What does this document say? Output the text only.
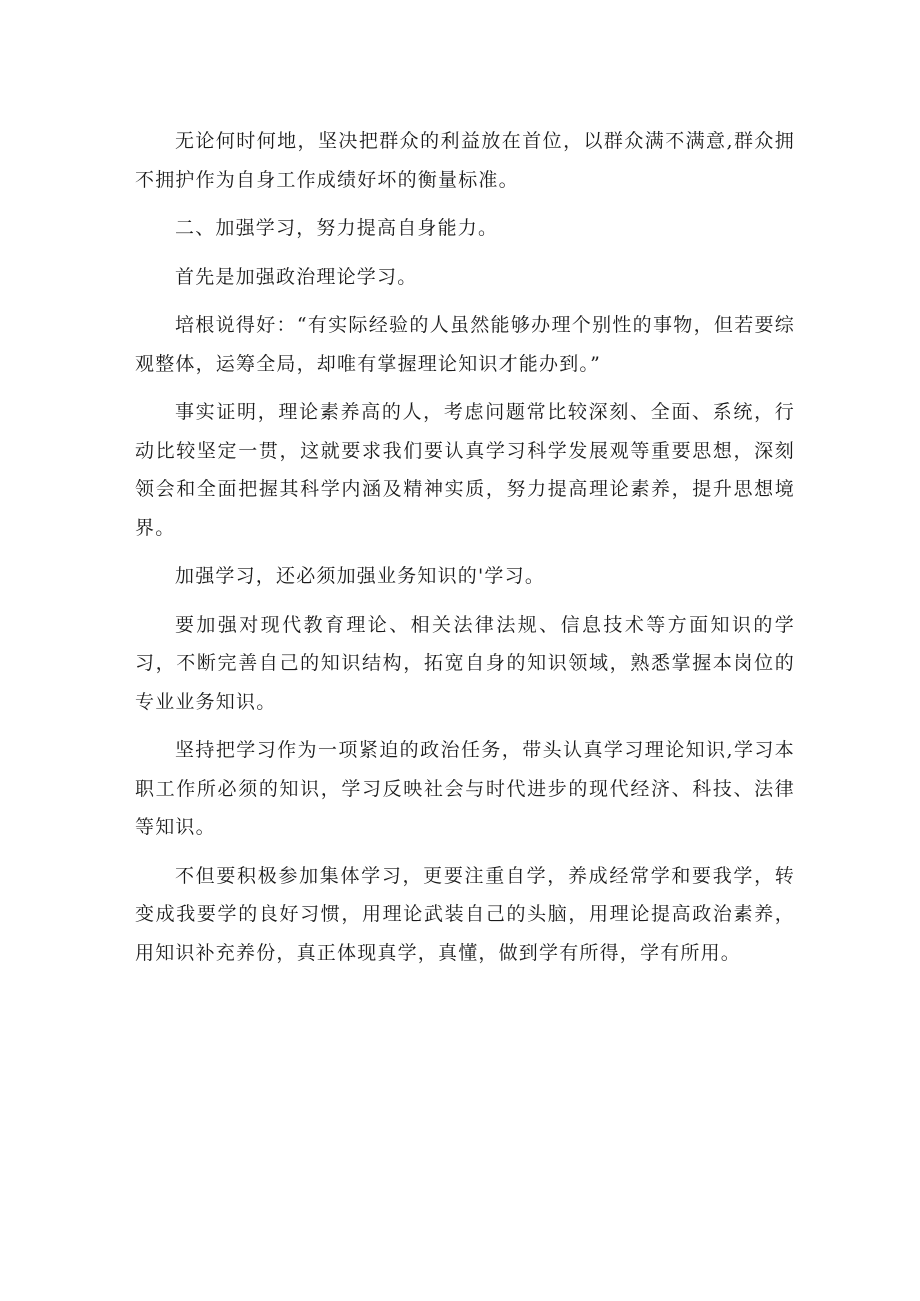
无论何时何地，坚决把群众的利益放在首位，以群众满不满意,群众拥不拥护作为自身工作成绩好坏的衡量标准。

二、加强学习，努力提高自身能力。

首先是加强政治理论学习。

培根说得好：“有实际经验的人虽然能够办理个别性的事物，但若要综观整体，运筹全局，却唯有掌握理论知识才能办到。”

事实证明，理论素养高的人，考虑问题常比较深刻、全面、系统，行动比较坚定一贯，这就要求我们要认真学习科学发展观等重要思想，深刻领会和全面把握其科学内涵及精神实质，努力提高理论素养，提升思想境界。

加强学习，还必须加强业务知识的'学习。

要加强对现代教育理论、相关法律法规、信息技术等方面知识的学习，不断完善自己的知识结构，拓宽自身的知识领域，熟悉掌握本岗位的专业业务知识。

坚持把学习作为一项紧迫的政治任务，带头认真学习理论知识,学习本职工作所必须的知识，学习反映社会与时代进步的现代经济、科技、法律等知识。

不但要积极参加集体学习，更要注重自学，养成经常学和要我学，转变成我要学的良好习惯，用理论武装自己的头脑，用理论提高政治素养，用知识补充养份，真正体现真学，真懂，做到学有所得，学有所用。
